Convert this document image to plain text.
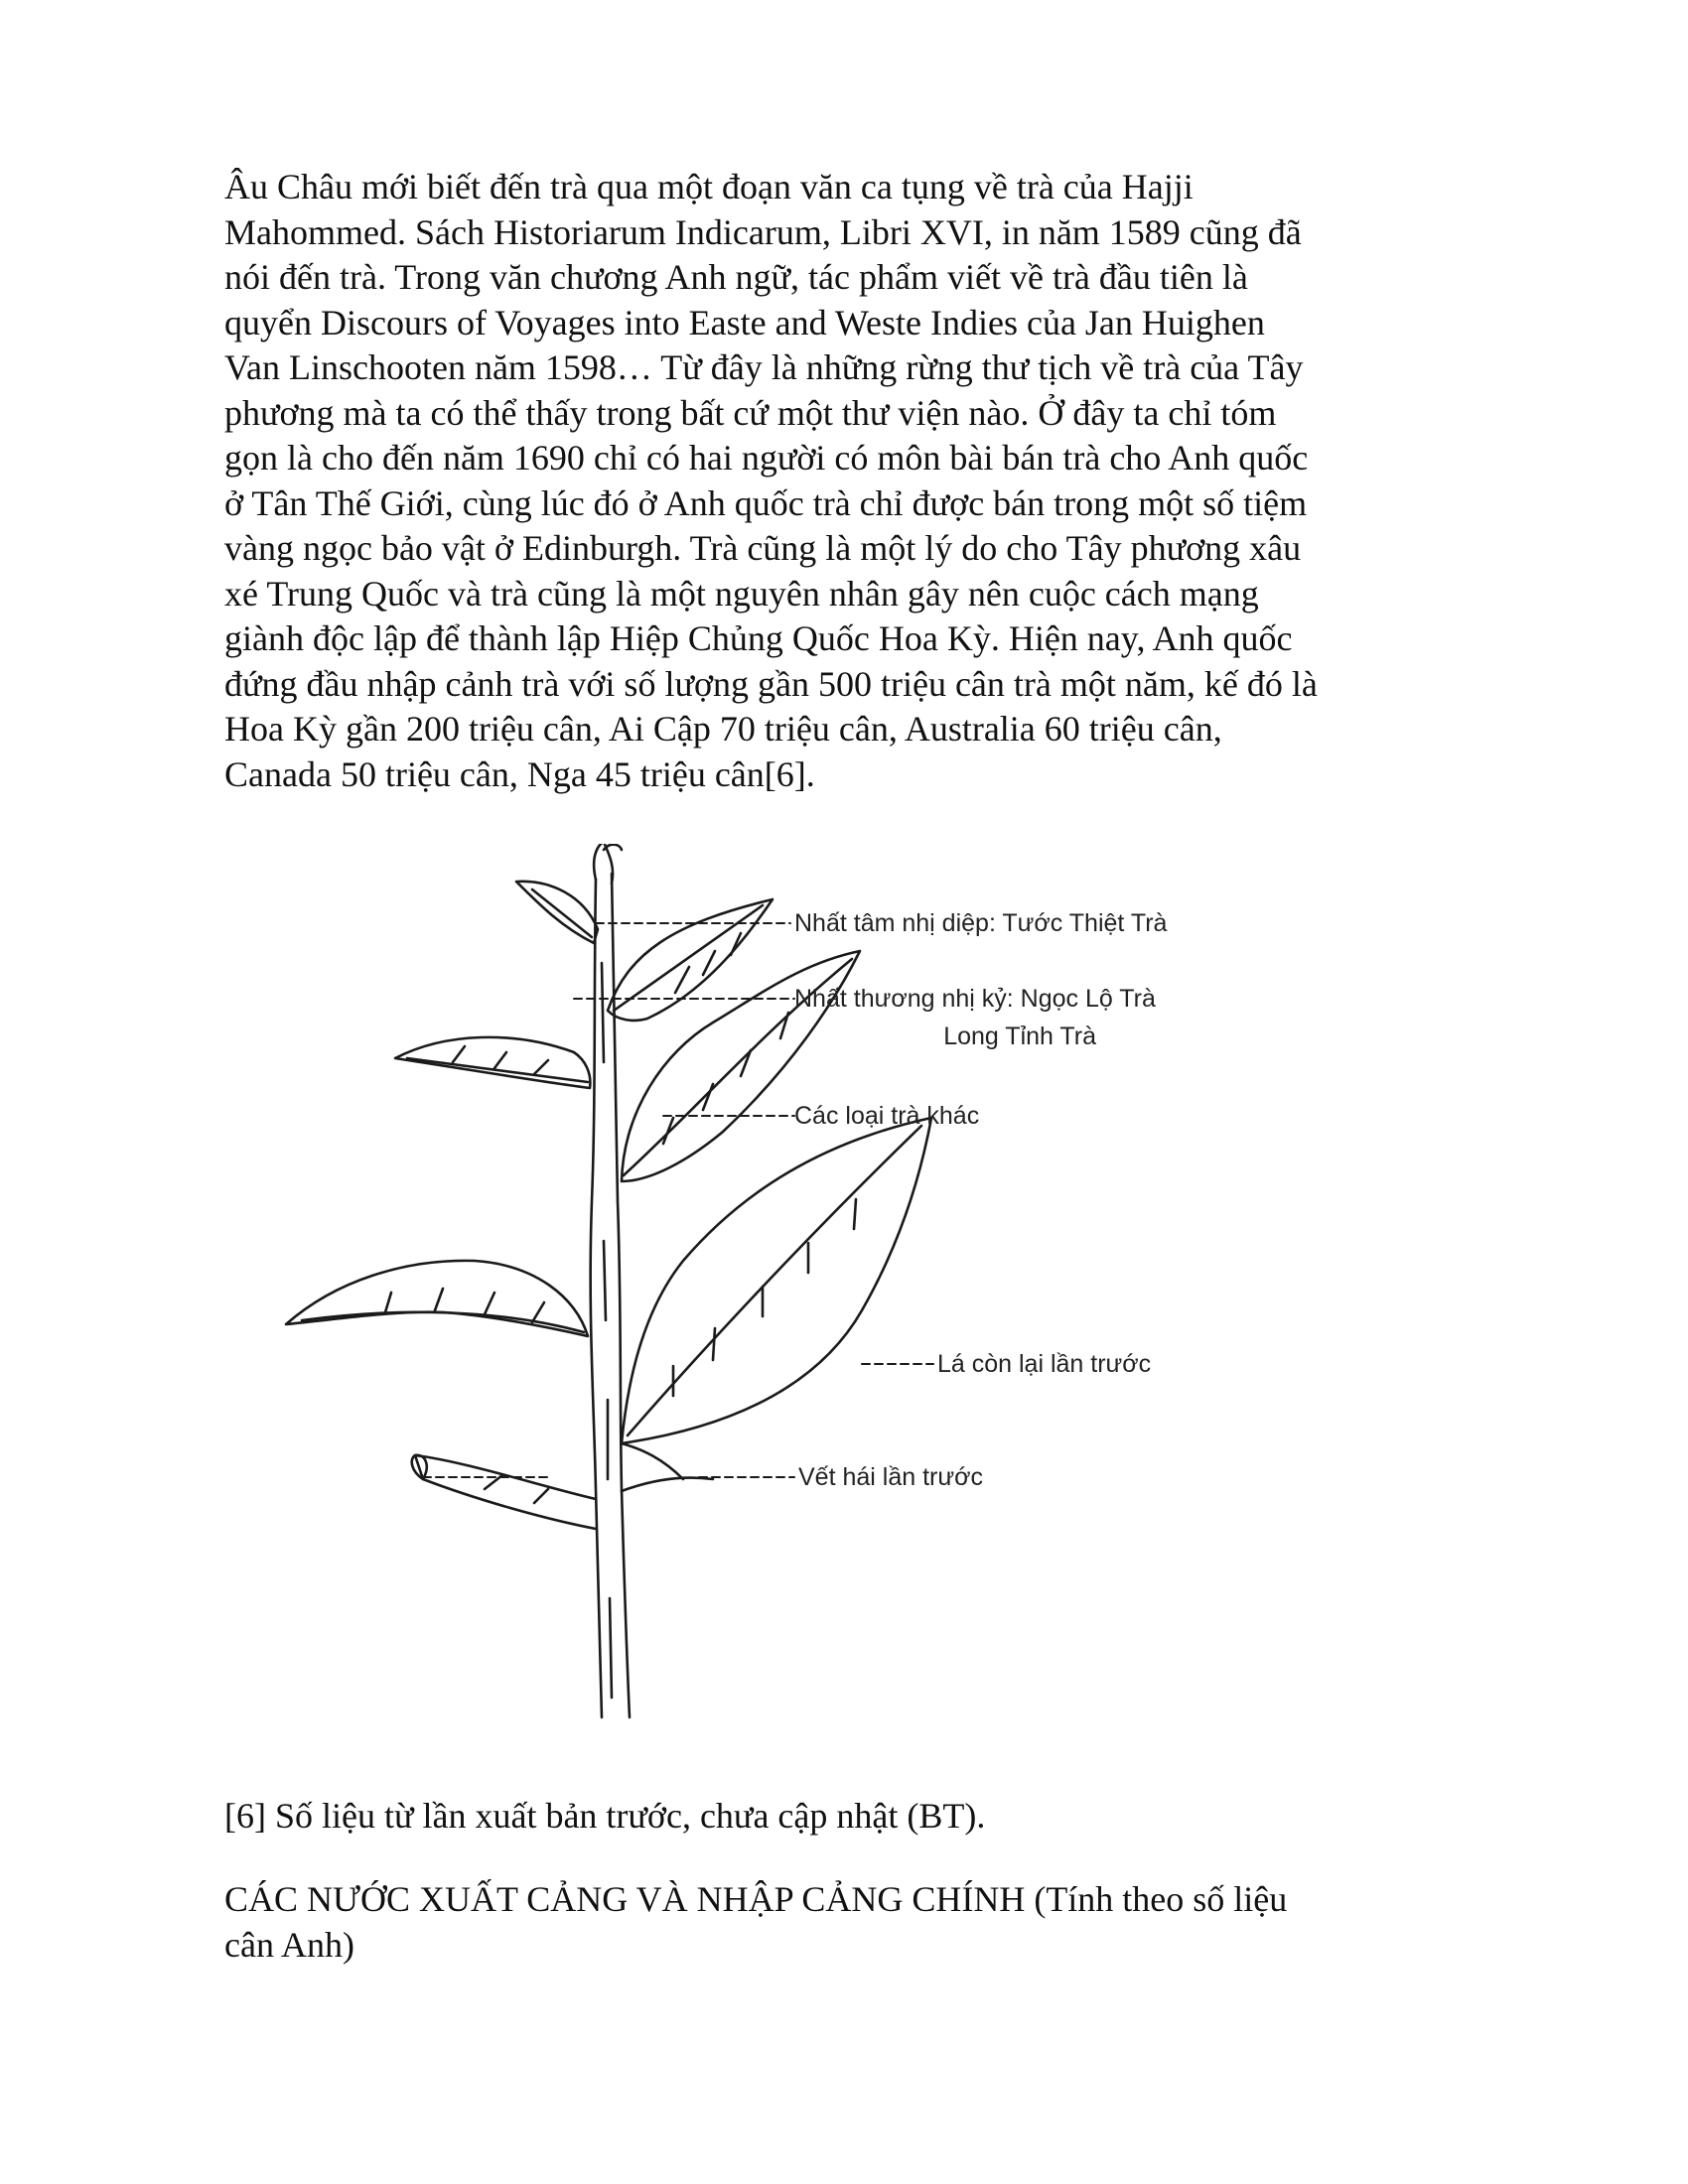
Âu Châu mới biết đến trà qua một đoạn văn ca tụng về trà của Hajji
Mahommed. Sách Historiarum Indicarum, Libri XVI, in năm 1589 cũng đã
nói đến trà. Trong văn chương Anh ngữ, tác phẩm viết về trà đầu tiên là
quyển Discours of Voyages into Easte and Weste Indies của Jan Huighen
Van Linschooten năm 1598… Từ đây là những rừng thư tịch về trà của Tây
phương mà ta có thể thấy trong bất cứ một thư viện nào. Ở đây ta chỉ tóm
gọn là cho đến năm 1690 chỉ có hai người có môn bài bán trà cho Anh quốc
ở Tân Thế Giới, cùng lúc đó ở Anh quốc trà chỉ được bán trong một số tiệm
vàng ngọc bảo vật ở Edinburgh. Trà cũng là một lý do cho Tây phương xâu
xé Trung Quốc và trà cũng là một nguyên nhân gây nên cuộc cách mạng
giành độc lập để thành lập Hiệp Chủng Quốc Hoa Kỳ. Hiện nay, Anh quốc
đứng đầu nhập cảnh trà với số lượng gần 500 triệu cân trà một năm, kế đó là
Hoa Kỳ gần 200 triệu cân, Ai Cập 70 triệu cân, Australia 60 triệu cân,
Canada 50 triệu cân, Nga 45 triệu cân[6].

Nhất tâm nhị diệp: Tước Thiệt Trà
Nhất thương nhị kỷ: Ngọc Lộ Trà
Long Tỉnh Trà
Các loại trà khác
Lá còn lại lần trước
Vết hái lần trước

[6] Số liệu từ lần xuất bản trước, chưa cập nhật (BT).

CÁC NƯỚC XUẤT CẢNG VÀ NHẬP CẢNG CHÍNH (Tính theo số liệu
cân Anh)
